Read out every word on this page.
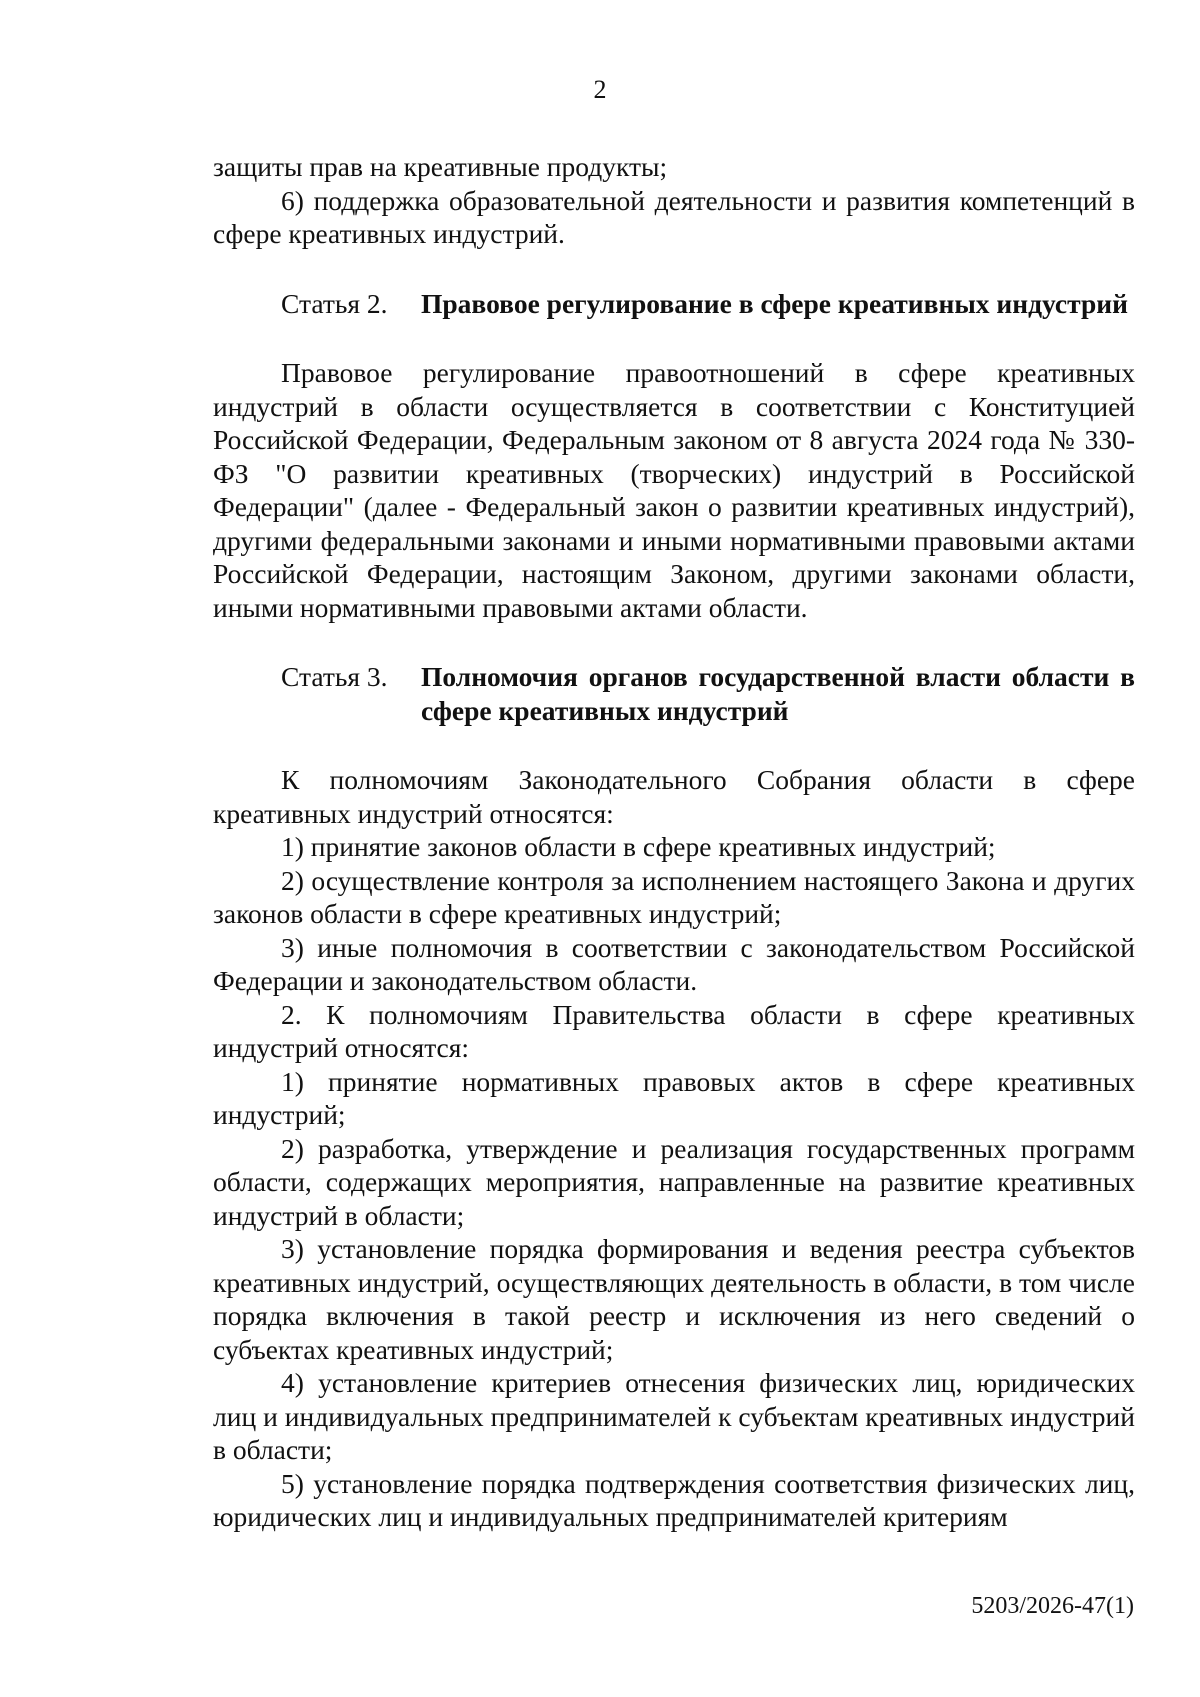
2

защиты прав на креативные продукты;

6) поддержка образовательной деятельности и развития компетенций в сфере креативных индустрий.

Статья 2.	Правовое регулирование в сфере креативных индустрий

Правовое регулирование правоотношений в сфере креативных индустрий в области осуществляется в соответствии с Конституцией Российской Федерации, Федеральным законом от 8 августа 2024 года № 330-ФЗ "О развитии креативных (творческих) индустрий в Российской Федерации" (далее - Федеральный закон о развитии креативных индустрий), другими федеральными законами и иными нормативными правовыми актами Российской Федерации, настоящим Законом, другими законами области, иными нормативными правовыми актами области.

Статья 3.	Полномочия органов государственной власти области в сфере креативных индустрий

К полномочиям Законодательного Собрания области в сфере креативных индустрий относятся:

1) принятие законов области в сфере креативных индустрий;

2) осуществление контроля за исполнением настоящего Закона и других законов области в сфере креативных индустрий;

3) иные полномочия в соответствии с законодательством Российской Федерации и законодательством области.

2. К полномочиям Правительства области в сфере креативных индустрий относятся:

1) принятие нормативных правовых актов в сфере креативных индустрий;

2) разработка, утверждение и реализация государственных программ области, содержащих мероприятия, направленные на развитие креативных индустрий в области;

3) установление порядка формирования и ведения реестра субъектов креативных индустрий, осуществляющих деятельность в области, в том числе порядка включения в такой реестр и исключения из него сведений о субъектах креативных индустрий;

4) установление критериев отнесения физических лиц, юридических лиц и индивидуальных предпринимателей к субъектам креативных индустрий в области;

5) установление порядка подтверждения соответствия физических лиц, юридических лиц и индивидуальных предпринимателей критериям

5203/2026-47(1)
